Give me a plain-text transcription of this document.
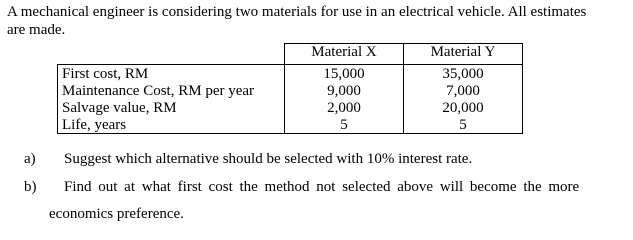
A mechanical engineer is considering two materials for use in an electrical vehicle. All estimates are made.
	Material X	Material Y
First cost, RM	15,000	35,000
Maintenance Cost, RM per year	9,000	7,000
Salvage value, RM	2,000	20,000
Life, years	5	5
a) Suggest which alternative should be selected with 10% interest rate.
b) Find out at what first cost the method not selected above will become the more
economics preference.
